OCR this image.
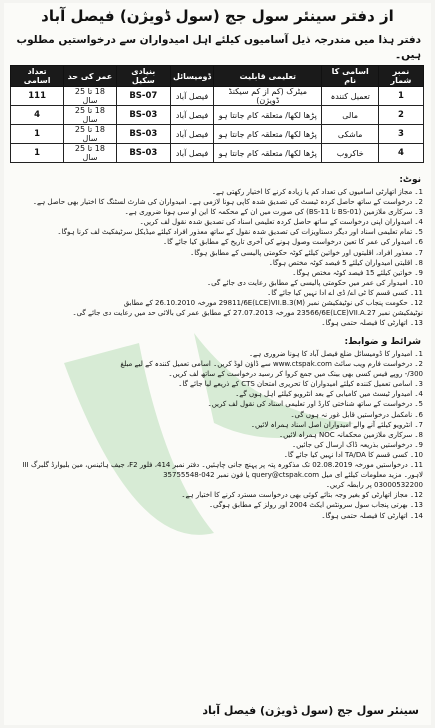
از دفتر سینئر سول جج (سول ڈویژن) فیصل آباد
دفتر ہذا میں مندرجہ ذیل آسامیوں کیلئے اہل امیدواران سے درخواستیں مطلوب ہیں۔
نمبر شمار	اسامی کا نام	تعلیمی قابلیت	ڈومیسائل	بنیادی سکیل	عمر کی حد	تعداد اسامی
1	تعمیل کنندہ	میٹرک (کم از کم سیکنڈ ڈویژن)	فیصل آباد	BS-07	18 تا 25 سال	111
2	مالی	پڑھا لکھا/ متعلقہ کام جانتا ہو	فیصل آباد	BS-03	18 تا 25 سال	4
3	ماشکی	پڑھا لکھا/ متعلقہ کام جانتا ہو	فیصل آباد	BS-03	18 تا 25 سال	1
4	خاکروب	پڑھا لکھا/ متعلقہ کام جانتا ہو	فیصل آباد	BS-03	18 تا 25 سال	1
نوٹ:
1۔ مجاز اتھارٹی اسامیوں کی تعداد کم یا زیادہ کرنے کا اختیار رکھتی ہے۔
2۔ درخواست کے ساتھ حاصل کردہ ٹیسٹ کی تصدیق شدہ کاپی ہونا لازمی ہے۔ امیدواران کی شارٹ لسٹنگ کا اختیار بھی حاصل ہے۔
3۔ سرکاری ملازمین (BS-01 تا BS-11) کی صورت میں ان کے محکمہ کا این او سی ہونا ضروری ہے۔
4۔ امیدواران اپنی درخواست کے ساتھ حاصل کردہ تعلیمی اسناد کی تصدیق شدہ نقول لف کریں۔
5۔ تمام تعلیمی اسناد اور دیگر دستاویزات کی تصدیق شدہ نقول کے ساتھ معذور افراد کیلئے میڈیکل سرٹیفکیٹ لف کرنا ہوگا۔
6۔ امیدوار کی عمر کا تعین درخواست وصول ہونے کی آخری تاریخ کے مطابق کیا جائے گا۔
7۔ معذور افراد، اقلیتوں اور خواتین کیلئے کوٹہ حکومتی پالیسی کے مطابق ہوگا۔
8۔ اقلیتی امیدواران کیلئے 5 فیصد کوٹہ مختص ہوگا۔
9۔ خواتین کیلئے 15 فیصد کوٹہ مختص ہوگا۔
10۔ امیدوار کی عمر میں حکومتی پالیسی کے مطابق رعایت دی جائے گی۔
11۔ کسی قسم کا ٹی اے/ ڈی اے ادا نہیں کیا جائے گا۔
12۔ حکومت پنجاب کی نوٹیفکیشن نمبر (29811/6E(LCE)VII.B.3(M مورخہ 26.10.2010 کے مطابق
نوٹیفکیشن نمبر 23566/6E(LCE)VII.A.27 مورخہ 27.07.2013 کے مطابق عمر کی بالائی حد میں رعایت دی جائے گی۔
13۔ اتھارٹی کا فیصلہ حتمی ہوگا۔
شرائط و ضوابط:
1۔ امیدوار کا ڈومیسائل ضلع فیصل آباد کا ہونا ضروری ہے۔
2۔ درخواست فارم ویب سائٹ www.ctspak.com سے ڈاؤن لوڈ کریں۔ اسامی تعمیل کنندہ کے لیے مبلغ
300/- روپے فیس کسی بھی بینک میں جمع کروا کر رسید درخواست کے ساتھ لف کریں۔
3۔ اسامی تعمیل کنندہ کیلئے امیدواران کا تحریری امتحان CTS کے ذریعے لیا جائے گا۔
4۔ امیدوار ٹیسٹ میں کامیابی کے بعد انٹرویو کیلئے اہل ہوں گے۔
5۔ درخواست کے ساتھ شناختی کارڈ اور تعلیمی اسناد کی نقول لف کریں۔
6۔ نامکمل درخواستیں قابل غور نہ ہوں گی۔
7۔ انٹرویو کیلئے آنے والے امیدواران اصل اسناد ہمراہ لائیں۔
8۔ سرکاری ملازمین محکمانہ NOC ہمراہ لائیں۔
9۔ درخواستیں بذریعہ ڈاک ارسال کی جائیں۔
10۔ کسی قسم کا TA/DA ادا نہیں کیا جائے گا۔
11۔ درخواستیں مورخہ 02.08.2019 تک مذکورہ پتہ پر پہنچ جانی چاہئیں۔ دفتر نمبر 414، فلور F2، جیف ہائینس، مین بلیوارڈ گلبرگ III
لاہور۔ مزید معلومات کیلئے ای میل query@ctspak.com یا فون نمبر 042-35755548
03000532200 پر رابطہ کریں۔
12۔ مجاز اتھارٹی کو بغیر وجہ بتائے کوئی بھی درخواست مسترد کرنے کا اختیار ہے۔
13۔ بھرتی پنجاب سول سرونٹس ایکٹ 2004 اور رولز کے مطابق ہوگی۔
14۔ اتھارٹی کا فیصلہ حتمی ہوگا۔
سینئر سول جج (سول ڈویژن) فیصل آباد
